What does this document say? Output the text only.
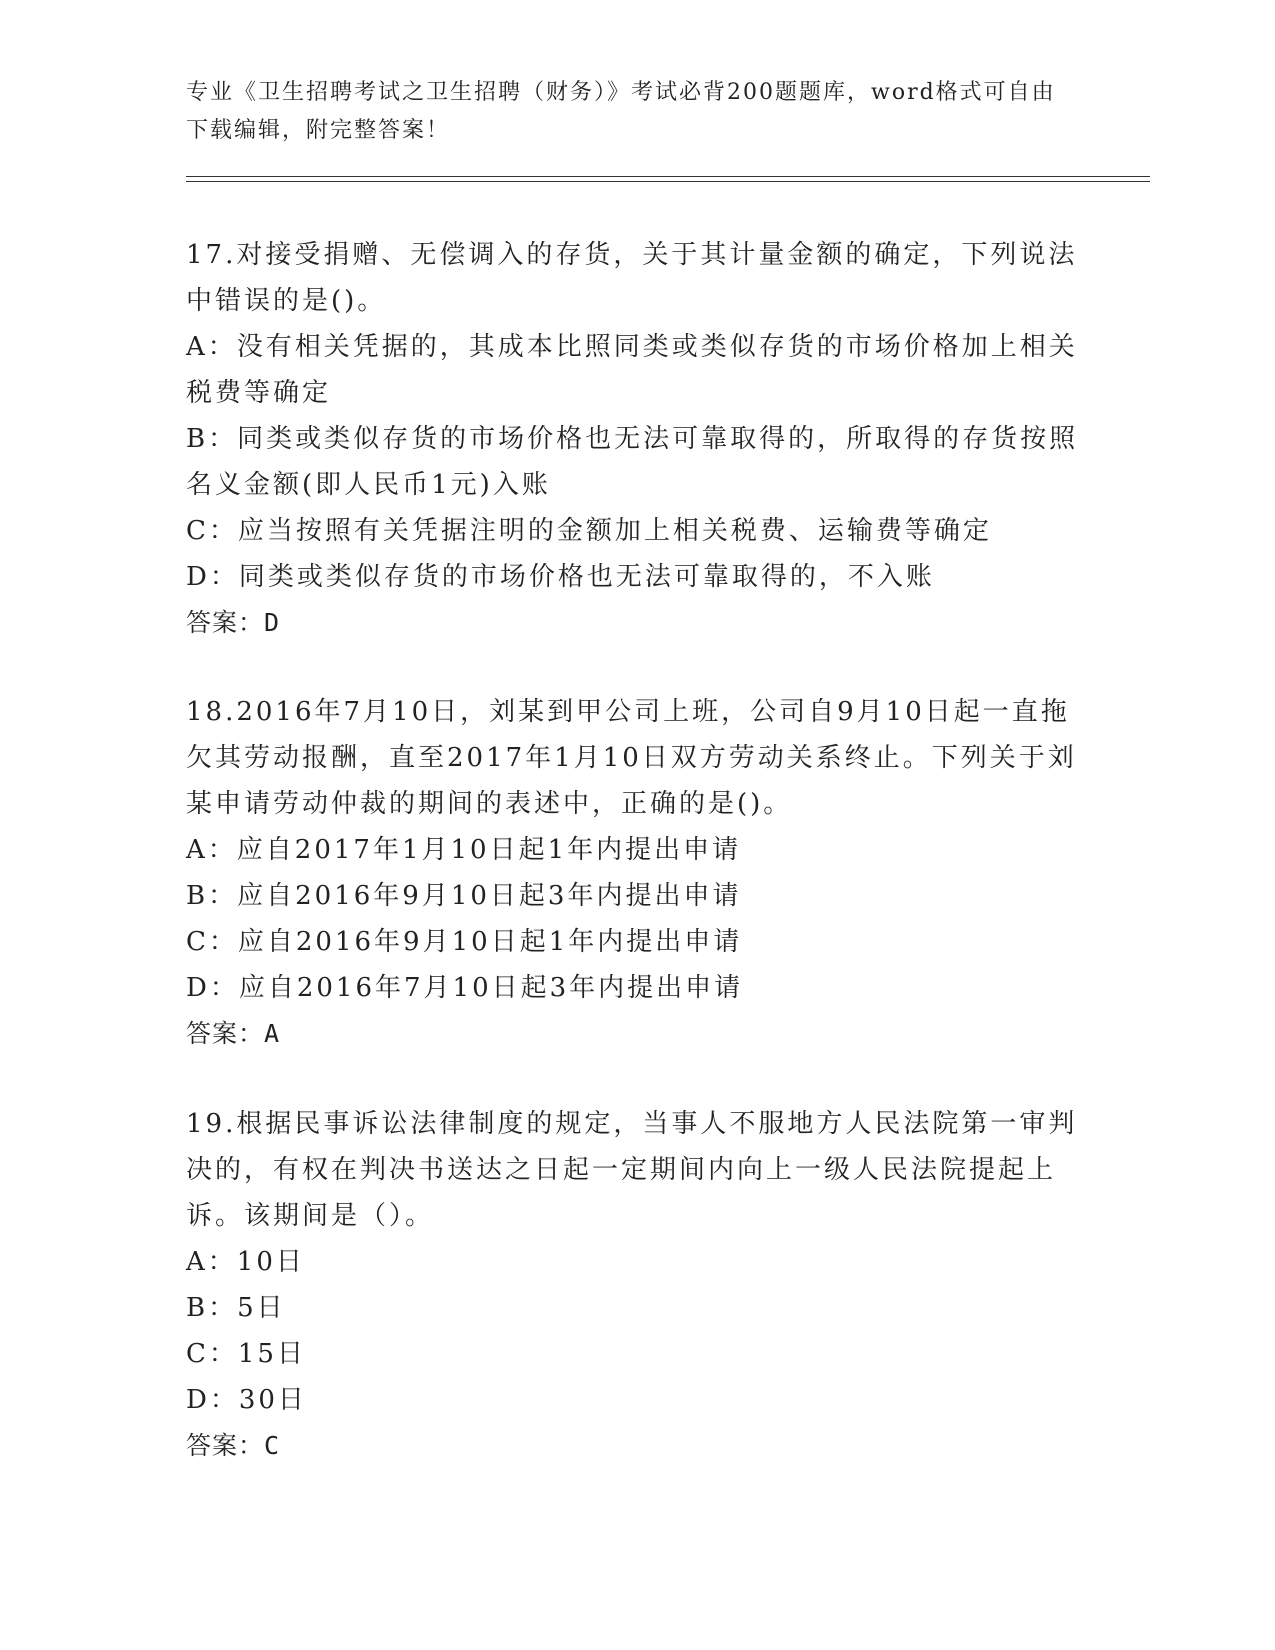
专业《卫生招聘考试之卫生招聘（财务）》考试必背200题题库，word格式可自由下载编辑，附完整答案！

17.对接受捐赠、无偿调入的存货，关于其计量金额的确定，下列说法中错误的是()。

A：没有相关凭据的，其成本比照同类或类似存货的市场价格加上相关税费等确定

B：同类或类似存货的市场价格也无法可靠取得的，所取得的存货按照名义金额(即人民币1元)入账

C：应当按照有关凭据注明的金额加上相关税费、运输费等确定

D：同类或类似存货的市场价格也无法可靠取得的，不入账

答案：D

18.2016年7月10日，刘某到甲公司上班，公司自9月10日起一直拖欠其劳动报酬，直至2017年1月10日双方劳动关系终止。下列关于刘某申请劳动仲裁的期间的表述中，正确的是()。

A：应自2017年1月10日起1年内提出申请

B：应自2016年9月10日起3年内提出申请

C：应自2016年9月10日起1年内提出申请

D：应自2016年7月10日起3年内提出申请

答案：A

19.根据民事诉讼法律制度的规定，当事人不服地方人民法院第一审判决的，有权在判决书送达之日起一定期间内向上一级人民法院提起上诉。该期间是（）。

A：10日

B：5日

C：15日

D：30日

答案：C
